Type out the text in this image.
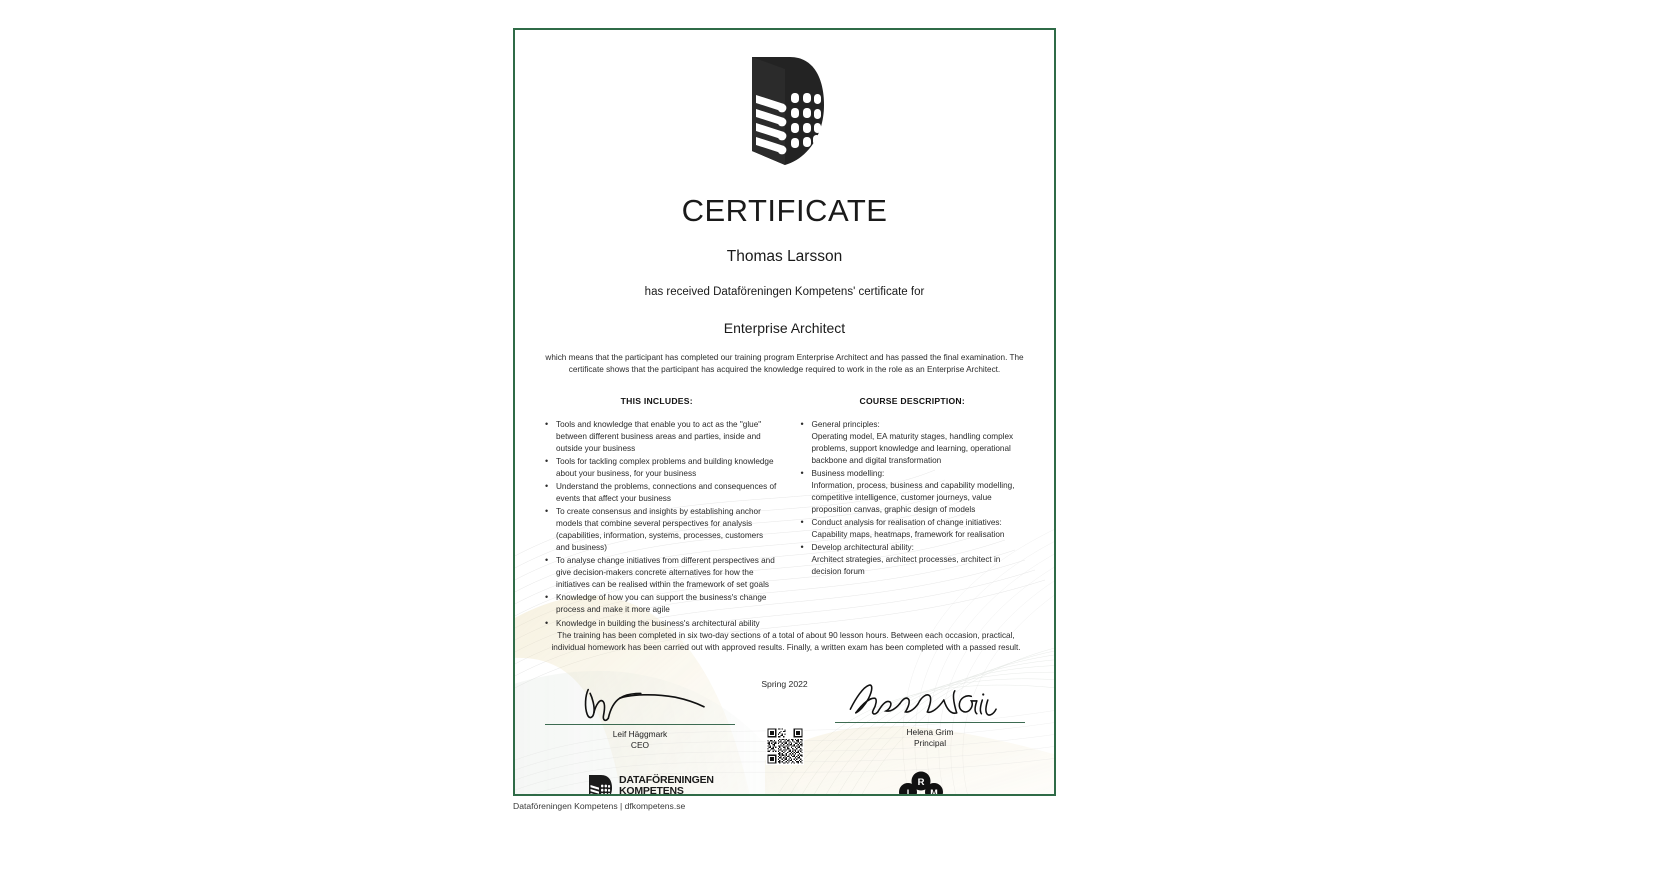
CERTIFICATE
Thomas Larsson
has received Dataföreningen Kompetens' certificate for
Enterprise Architect
which means that the participant has completed our training program Enterprise Architect and has passed the final examination. The certificate shows that the participant has acquired the knowledge required to work in the role as an Enterprise Architect.
THIS INCLUDES:
• Tools and knowledge that enable you to act as the "glue" between different business areas and parties, inside and outside your business
• Tools for tackling complex problems and building knowledge about your business, for your business
• Understand the problems, connections and consequences of events that affect your business
• To create consensus and insights by establishing anchor models that combine several perspectives for analysis (capabilities, information, systems, processes, customers and business)
• To analyse change initiatives from different perspectives and give decision-makers concrete alternatives for how the initiatives can be realised within the framework of set goals
• Knowledge of how you can support the business's change process and make it more agile
• Knowledge in building the business's architectural ability
COURSE DESCRIPTION:
• General principles:
Operating model, EA maturity stages, handling complex problems, support knowledge and learning, operational backbone and digital transformation
• Business modelling:
Information, process, business and capability modelling, competitive intelligence, customer journeys, value proposition canvas, graphic design of models
• Conduct analysis for realisation of change initiatives:
Capability maps, heatmaps, framework for realisation
• Develop architectural ability:
Architect strategies, architect processes, architect in decision forum
The training has been completed in six two-day sections of a total of about 90 lesson hours. Between each occasion, practical, individual homework has been carried out with approved results. Finally, a written exam has been completed with a passed result.
Spring 2022
Leif Häggmark
CEO
Helena Grim
Principal
DATAFÖRENINGEN
KOMPETENS	I
R
M
Dataföreningen Kompetens | dfkompetens.se
